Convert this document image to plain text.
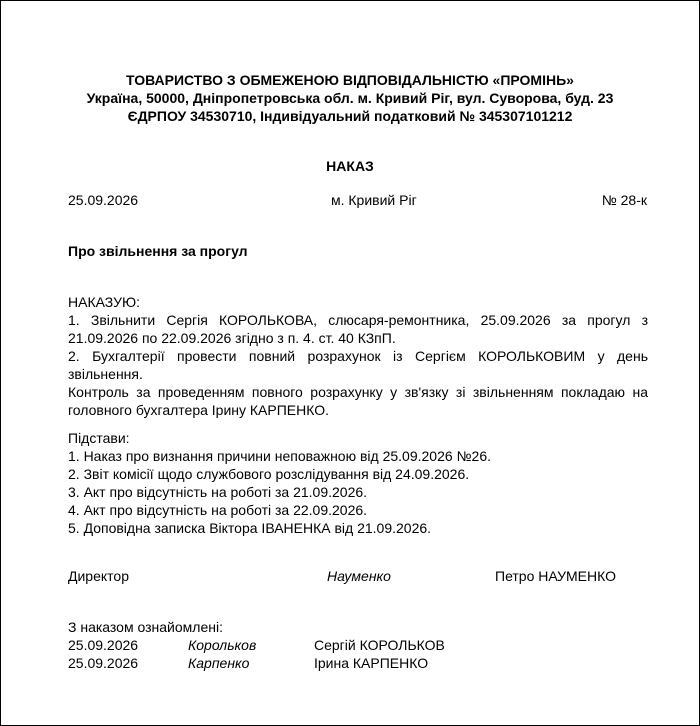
ТОВАРИСТВО З ОБМЕЖЕНОЮ ВІДПОВІДАЛЬНІСТЮ «ПРОМІНЬ»
Україна, 50000, Дніпропетровська обл. м. Кривий Ріг, вул. Суворова, буд. 23
ЄДРПОУ 34530710, Індивідуальний податковий № 345307101212
НАКАЗ
25.09.2026	м. Кривий Ріг	№ 28-к
Про звільнення за прогул
НАКАЗУЮ:
1. Звільнити Сергія КОРОЛЬКОВА, слюсаря-ремонтника, 25.09.2026 за прогул з
21.09.2026 по 22.09.2026 згідно з п. 4. ст. 40 КЗпП.
2. Бухгалтерії провести повний розрахунок із Сергієм КОРОЛЬКОВИМ у день
звільнення.
Контроль за проведенням повного розрахунку у зв'язку зі звільненням покладаю на
головного бухгалтера Ірину КАРПЕНКО.
Підстави:
1. Наказ про визнання причини неповажною від 25.09.2026 №26.
2. Звіт комісії щодо службового розслідування від 24.09.2026.
3. Акт про відсутність на роботі за 21.09.2026.
4. Акт про відсутність на роботі за 22.09.2026.
5. Доповідна записка Віктора ІВАНЕНКА від 21.09.2026.
Директор	Науменко	Петро НАУМЕНКО
З наказом ознайомлені:
25.09.2026	Корольков	Сергій КОРОЛЬКОВ
25.09.2026	Карпенко	Ірина КАРПЕНКО
